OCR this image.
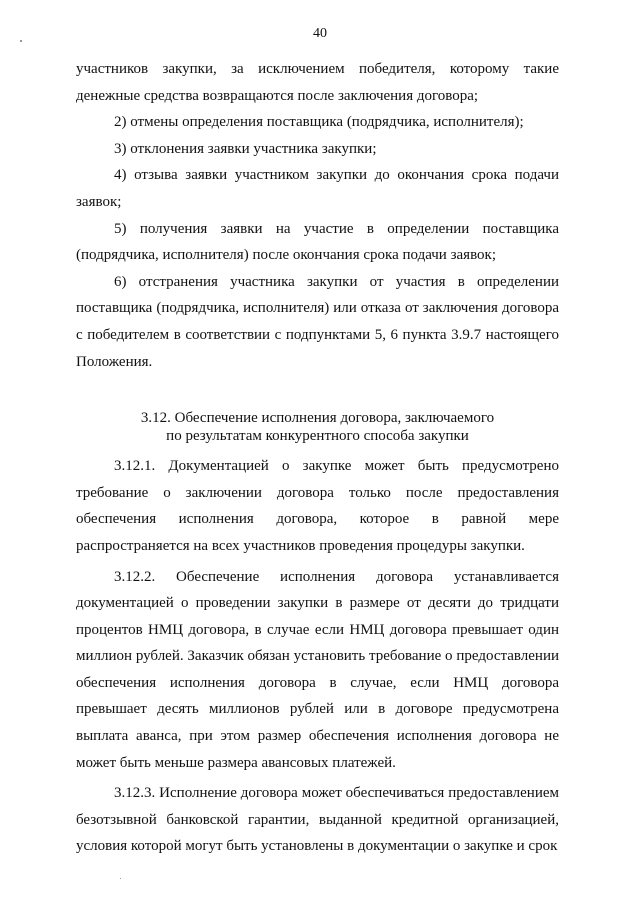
40

участников закупки, за исключением победителя, которому такие денежные средства возвращаются после заключения договора;

2) отмены определения поставщика (подрядчика, исполнителя);

3) отклонения заявки участника закупки;

4) отзыва заявки участником закупки до окончания срока подачи заявок;

5) получения заявки на участие в определении поставщика (подрядчика, исполнителя) после окончания срока подачи заявок;

6) отстранения участника закупки от участия в определении поставщика (подрядчика, исполнителя) или отказа от заключения договора с победителем в соответствии с подпунктами 5, 6 пункта 3.9.7 настоящего Положения.

3.12. Обеспечение исполнения договора, заключаемого
по результатам конкурентного способа закупки

3.12.1. Документацией о закупке может быть предусмотрено требование о заключении договора только после предоставления обеспечения исполнения договора, которое в равной мере распространяется на всех участников проведения процедуры закупки.

3.12.2. Обеспечение исполнения договора устанавливается документацией о проведении закупки в размере от десяти до тридцати процентов НМЦ договора, в случае если НМЦ договора превышает один миллион рублей. Заказчик обязан установить требование о предоставлении обеспечения исполнения договора в случае, если НМЦ договора превышает десять миллионов рублей или в договоре предусмотрена выплата аванса, при этом размер обеспечения исполнения договора не может быть меньше размера авансовых платежей.

3.12.3. Исполнение договора может обеспечиваться предоставлением безотзывной банковской гарантии, выданной кредитной организацией, условия которой могут быть установлены в документации о закупке и срок
